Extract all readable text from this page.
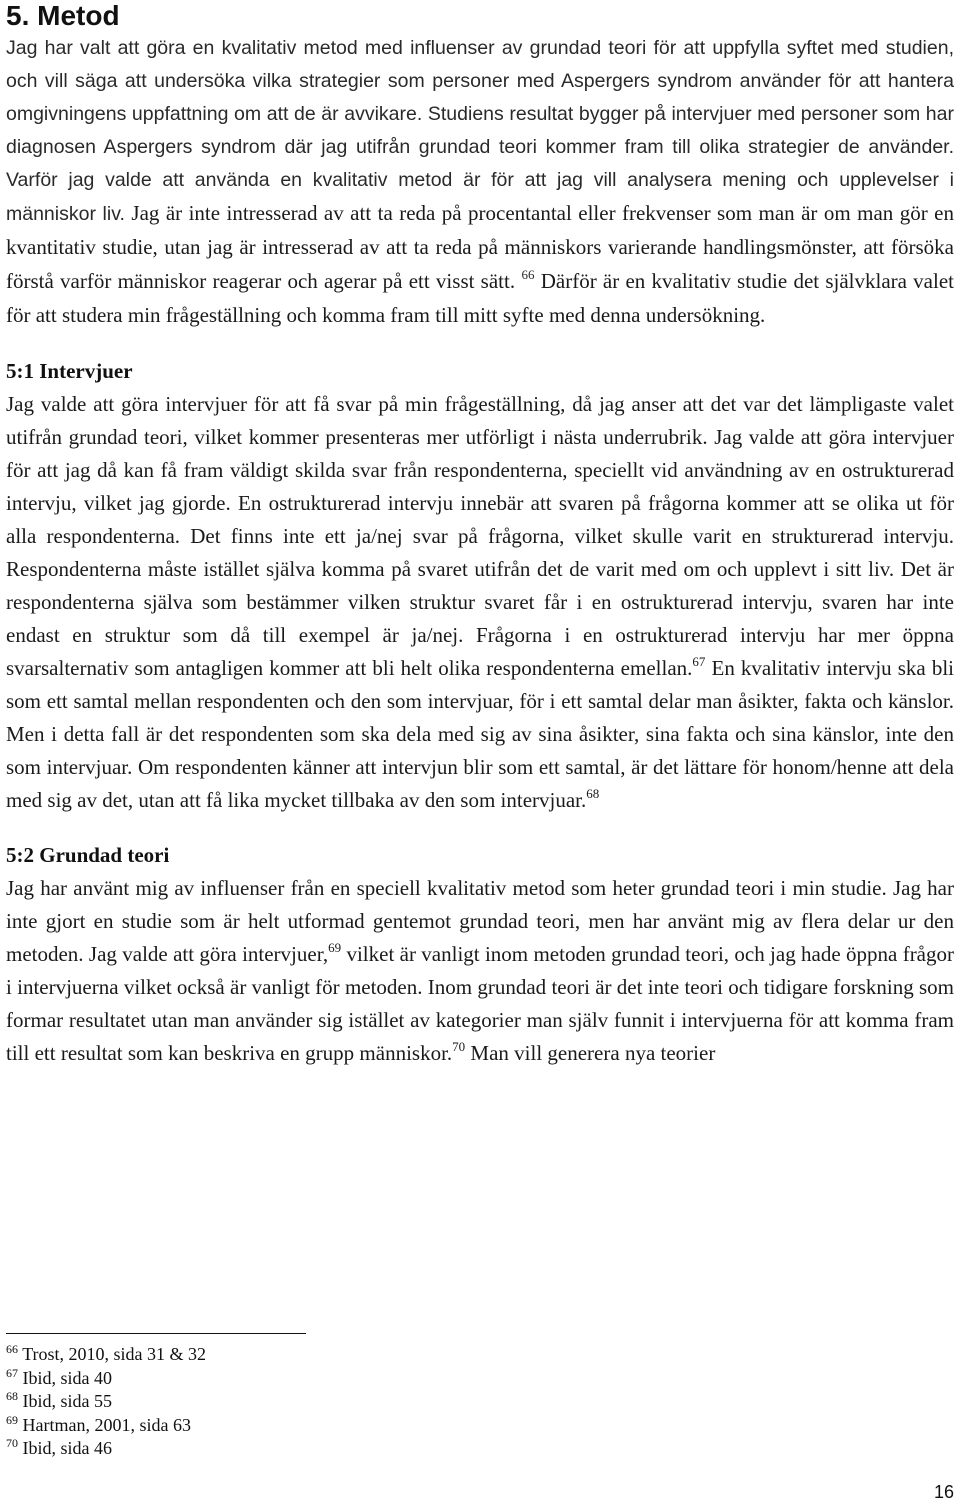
5. Metod

Jag har valt att göra en kvalitativ metod med influenser av grundad teori för att uppfylla syftet med studien, och vill säga att undersöka vilka strategier som personer med Aspergers syndrom använder för att hantera omgivningens uppfattning om att de är avvikare. Studiens resultat bygger på intervjuer med personer som har diagnosen Aspergers syndrom där jag utifrån grundad teori kommer fram till olika strategier de använder. Varför jag valde att använda en kvalitativ metod är för att jag vill analysera mening och upplevelser i människor liv. Jag är inte intresserad av att ta reda på procentantal eller frekvenser som man är om man gör en kvantitativ studie, utan jag är intresserad av att ta reda på människors varierande handlingsmönster, att försöka förstå varför människor reagerar och agerar på ett visst sätt. $^{66}$ Därför är en kvalitativ studie det självklara valet för att studera min frågeställning och komma fram till mitt syfte med denna undersökning.

5:1 Intervjuer

Jag valde att göra intervjuer för att få svar på min frågeställning, då jag anser att det var det lämpligaste valet utifrån grundad teori, vilket kommer presenteras mer utförligt i nästa underrubrik. Jag valde att göra intervjuer för att jag då kan få fram väldigt skilda svar från respondenterna, speciellt vid användning av en ostrukturerad intervju, vilket jag gjorde. En ostrukturerad intervju innebär att svaren på frågorna kommer att se olika ut för alla respondenterna. Det finns inte ett ja/nej svar på frågorna, vilket skulle varit en strukturerad intervju. Respondenterna måste istället själva komma på svaret utifrån det de varit med om och upplevt i sitt liv. Det är respondenterna själva som bestämmer vilken struktur svaret får i en ostrukturerad intervju, svaren har inte endast en struktur som då till exempel är ja/nej. Frågorna i en ostrukturerad intervju har mer öppna svarsalternativ som antagligen kommer att bli helt olika respondenterna emellan.$^{67}$ En kvalitativ intervju ska bli som ett samtal mellan respondenten och den som intervjuar, för i ett samtal delar man åsikter, fakta och känslor. Men i detta fall är det respondenten som ska dela med sig av sina åsikter, sina fakta och sina känslor, inte den som intervjuar. Om respondenten känner att intervjun blir som ett samtal, är det lättare för honom/henne att dela med sig av det, utan att få lika mycket tillbaka av den som intervjuar.$^{68}$

5:2 Grundad teori

Jag har använt mig av influenser från en speciell kvalitativ metod som heter grundad teori i min studie. Jag har inte gjort en studie som är helt utformad gentemot grundad teori, men har använt mig av flera delar ur den metoden. Jag valde att göra intervjuer,$^{69}$ vilket är vanligt inom metoden grundad teori, och jag hade öppna frågor i intervjuerna vilket också är vanligt för metoden. Inom grundad teori är det inte teori och tidigare forskning som formar resultatet utan man använder sig istället av kategorier man själv funnit i intervjuerna för att komma fram till ett resultat som kan beskriva en grupp människor.$^{70}$ Man vill generera nya teorier

$^{66}$ Trost, 2010, sida 31 & 32
$^{67}$ Ibid, sida 40
$^{68}$ Ibid, sida 55
$^{69}$ Hartman, 2001, sida 63
$^{70}$ Ibid, sida 46
16
